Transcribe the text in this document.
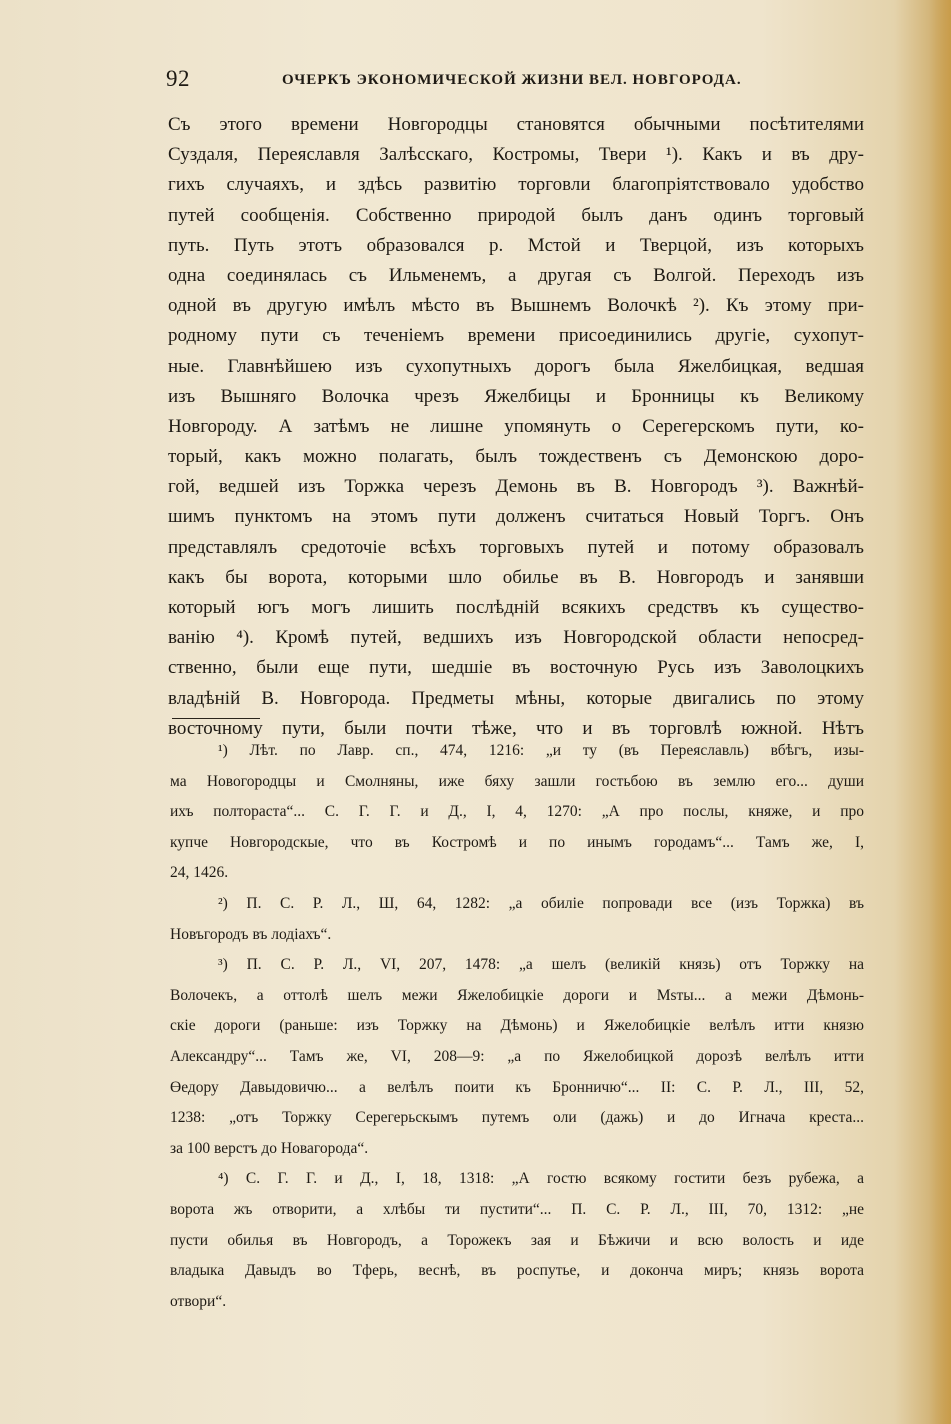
92	ОЧЕРКЪ ЭКОНОМИЧЕСКОЙ ЖИЗНИ ВЕЛ. НОВГОРОДА.
Съ этого времени Новгородцы становятся обычными посѣтителями
Суздаля, Переяславля Залѣсскаго, Костромы, Твери ¹). Какъ и въ дру-
гихъ случаяхъ, и здѣсь развитію торговли благопріятствовало удобство
путей сообщенія. Собственно природой былъ данъ одинъ торговый
путь. Путь этотъ образовался р. Мстой и Тверцой, изъ которыхъ
одна соединялась съ Ильменемъ, а другая съ Волгой. Переходъ изъ
одной въ другую имѣлъ мѣсто въ Вышнемъ Волочкѣ ²). Къ этому при-
родному пути съ теченіемъ времени присоединились другіе, сухопут-
ные. Главнѣйшею изъ сухопутныхъ дорогъ была Яжелбицкая, ведшая
изъ Вышняго Волочка чрезъ Яжелбицы и Бронницы къ Великому
Новгороду. А затѣмъ не лишне упомянуть о Серегерскомъ пути, ко-
торый, какъ можно полагать, былъ тождественъ съ Демонскою доро-
гой, ведшей изъ Торжка черезъ Демонь въ В. Новгородъ ³). Важнѣй-
шимъ пунктомъ на этомъ пути долженъ считаться Новый Торгъ. Онъ
представлялъ средоточіе всѣхъ торговыхъ путей и потому образовалъ
какъ бы ворота, которыми шло обилье въ В. Новгородъ и занявши
который югъ могъ лишить послѣдній всякихъ средствъ къ существо-
ванію ⁴). Кромѣ путей, ведшихъ изъ Новгородской области непосред-
ственно, были еще пути, шедшіе въ восточную Русь изъ Заволоцкихъ
владѣній В. Новгорода. Предметы мѣны, которые двигались по этому
восточному пути, были почти тѣже, что и въ торговлѣ южной. Нѣтъ
¹) Лѣт. по Лавр. сп., 474, 1216: „и ту (въ Переяславль) вбѣгъ, изы-
ма Новогородцы и Смолняны, иже бяху зашли гостьбою въ землю его... души
ихъ полтораста“... С. Г. Г. и Д., I, 4, 1270: „А про послы, княже, и про
купче Новгородскые, что въ Костромѣ и по инымъ городамъ“... Тамъ же, I,
24, 1426.
²) П. С. Р. Л., Ш, 64, 1282: „а обиліе попровади все (изъ Торжка) въ
Новъгородъ въ лодіахъ“.
³) П. С. Р. Л., VI, 207, 1478: „а шелъ (великій князь) отъ Торжку на
Волочекъ, а оттолѣ шелъ межи Яжелобицкіе дороги и Msты... а межи Дѣмонь-
скіе дороги (раньше: изъ Торжку на Дѣмонь) и Яжелобицкіе велѣлъ итти князю
Александру“... Тамъ же, VI, 208—9: „а по Яжелобицкой дорозѣ велѣлъ итти
Өедору Давыдовичю... а велѣлъ поити къ Бронничю“... II: С. Р. Л., III, 52,
1238: „отъ Торжку Серегерьскымъ путемъ оли (дажь) и до Игнача креста...
за 100 верстъ до Новагорода“.
⁴) С. Г. Г. и Д., I, 18, 1318: „А гостю всякому гостити безъ рубежа, а
ворота жъ отворити, а хлѣбы ти пустити“... П. С. Р. Л., III, 70, 1312: „не
пусти обилья въ Новгородъ, а Торожекъ зая и Бѣжичи и всю волость и иде
владыка Давыдъ во Тферь, веснѣ, въ роспутье, и докончa миръ; князь ворота
отвори“.
